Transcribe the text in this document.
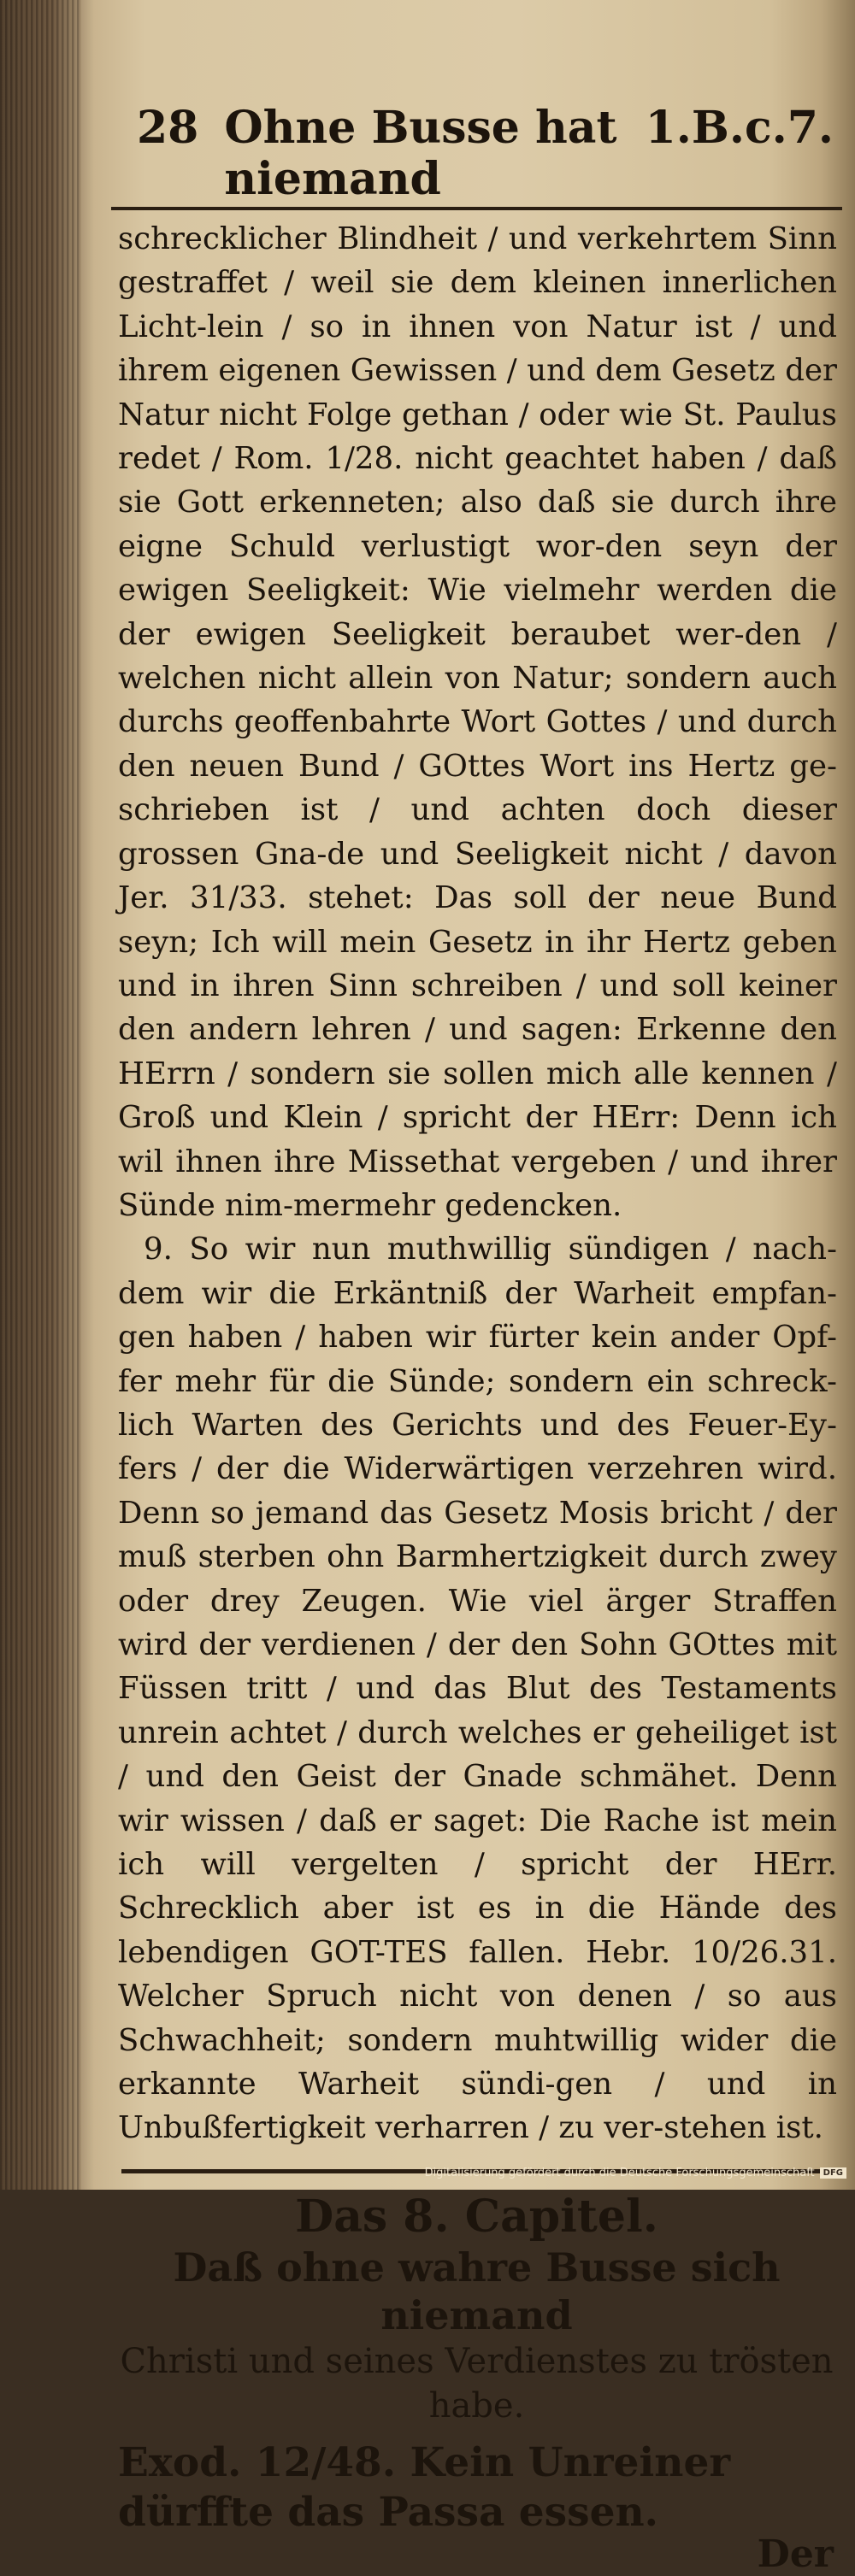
28 Ohne Busse hat niemand
1.B.c.7.

schrecklicher Blindheit / und verkehrtem Sinn gestraffet / weil sie dem kleinen innerlichen Licht-lein / so in ihnen von Natur ist / und ihrem eigenen Gewissen / und dem Gesetz der Natur nicht Folge gethan / oder wie St. Paulus redet / Rom. 1/28. nicht geachtet haben / daß sie Gott erkenneten; also daß sie durch ihre eigne Schuld verlustigt wor-den seyn der ewigen Seeligkeit: Wie vielmehr werden die der ewigen Seeligkeit beraubet wer-den / welchen nicht allein von Natur; sondern auch durchs geoffenbahrte Wort Gottes / und durch den neuen Bund / GOttes Wort ins Hertz ge-schrieben ist / und achten doch dieser grossen Gna-de und Seeligkeit nicht / davon Jer. 31/33. stehet: Das soll der neue Bund seyn; Ich will mein Gesetz in ihr Hertz geben und in ihren Sinn schreiben / und soll keiner den andern lehren / und sagen: Erkenne den HErrn / sondern sie sollen mich alle kennen / Groß und Klein / spricht der HErr: Denn ich wil ihnen ihre Missethat vergeben / und ihrer Sünde nim-mermehr gedencken.

9. So wir nun muthwillig sündigen / nach-dem wir die Erkäntniß der Warheit empfan-gen haben / haben wir fürter kein ander Opf-fer mehr für die Sünde; sondern ein schreck-lich Warten des Gerichts und des Feuer-Ey-fers / der die Widerwärtigen verzehren wird. Denn so jemand das Gesetz Mosis bricht / der muß sterben ohn Barmhertzigkeit durch zwey oder drey Zeugen. Wie viel ärger Straffen wird der verdienen / der den Sohn GOttes mit Füssen tritt / und das Blut des Testaments unrein achtet / durch welches er geheiliget ist / und den Geist der Gnade schmähet. Denn wir wissen / daß er saget: Die Rache ist mein ich will vergelten / spricht der HErr. Schrecklich aber ist es in die Hände des lebendigen GOT-TES fallen. Hebr. 10/26.31. Welcher Spruch nicht von denen / so aus Schwachheit; sondern muhtwillig wider die erkannte Warheit sündi-gen / und in Unbußfertigkeit verharren / zu ver-stehen ist.

Das 8. Capitel.
Daß ohne wahre Busse sich niemand
Christi und seines Verdienstes zu trösten habe.
Exod. 12/48. Kein Unreiner dürffte das Passa essen.
Der
Digitalisierung gefördert durch die Deutsche Forschungsgemeinschaft	DFG
